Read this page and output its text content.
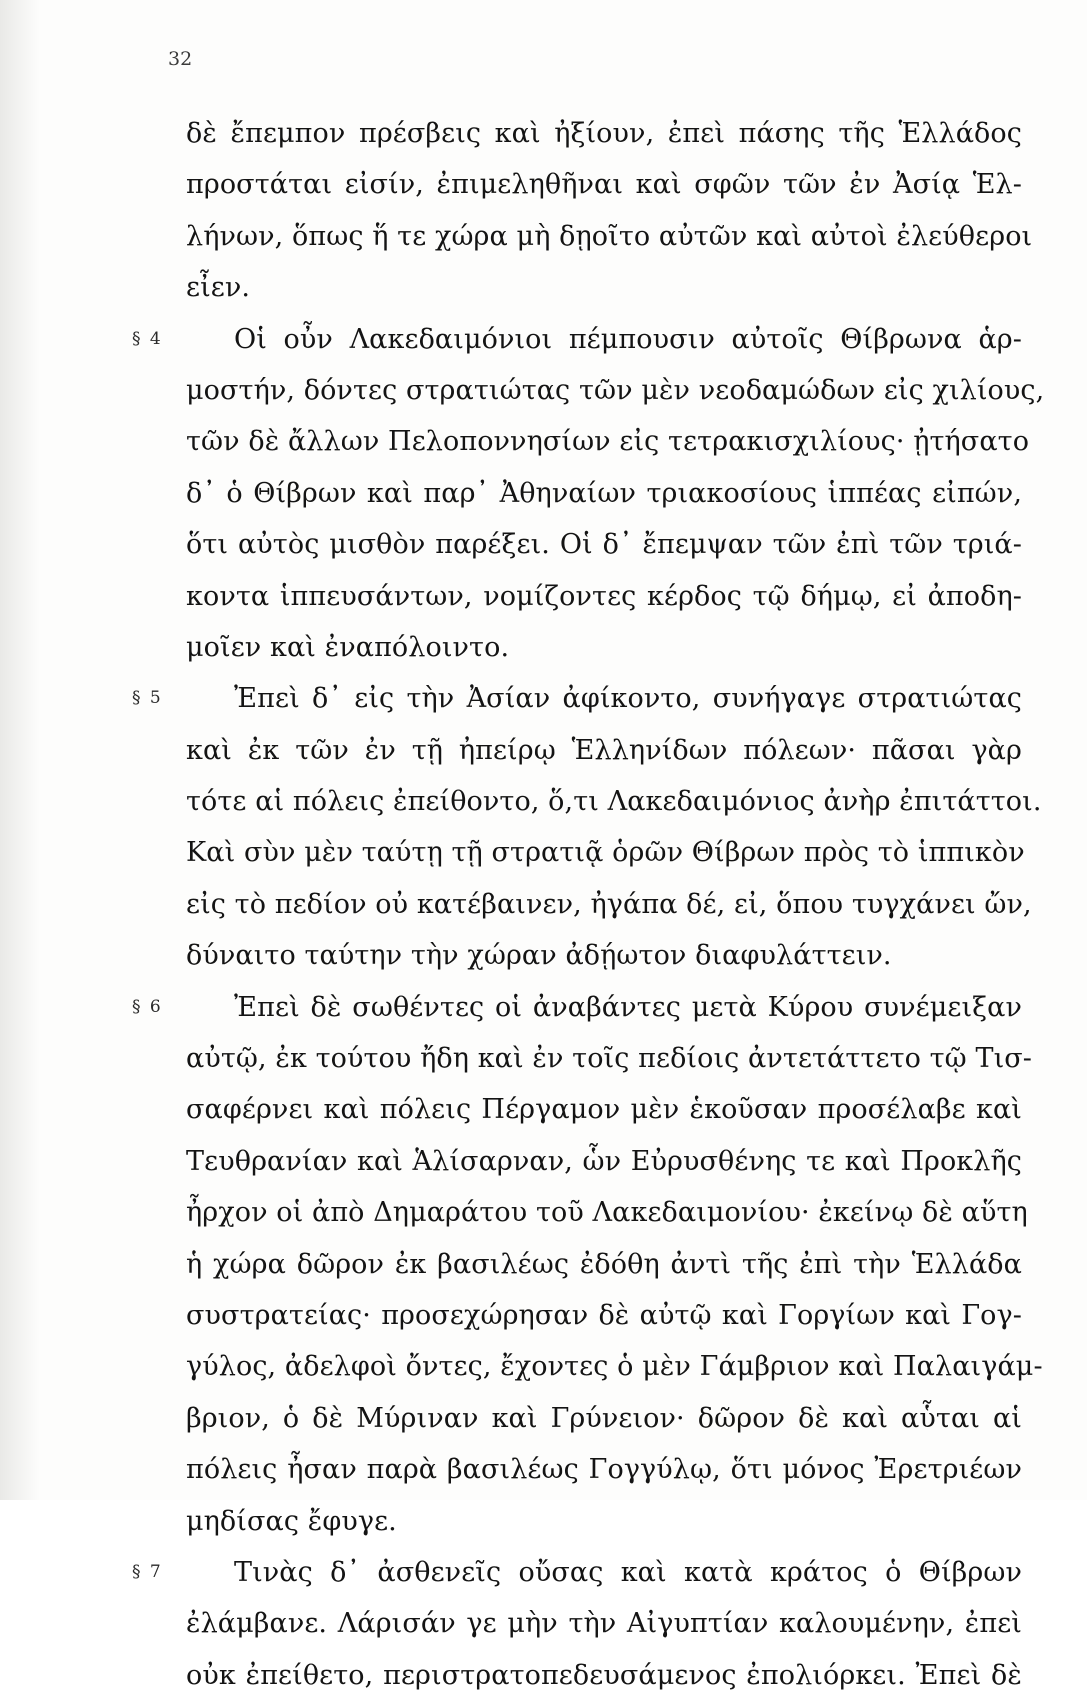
32
δὲ ἔπεμπον πρέσβεις καὶ ἠξίουν, ἐπεὶ πάσης τῆς Ἑλλάδος
προστάται εἰσίν, ἐπιμεληθῆναι καὶ σφῶν τῶν ἐν Ἀσίᾳ Ἑλ-
λήνων, ὅπως ἥ τε χώρα μὴ δῃοῖτο αὐτῶν καὶ αὐτοὶ ἐλεύθεροι
εἶεν.
§ 4	Οἱ οὖν Λακεδαιμόνιοι πέμπουσιν αὐτοῖς Θίβρωνα ἁρ-
μοστήν, δόντες στρατιώτας τῶν μὲν νεοδαμώδων εἰς χιλίους,
τῶν δὲ ἄλλων Πελοποννησίων εἰς τετρακισχιλίους· ᾐτήσατο
δ᾽ ὁ Θίβρων καὶ παρ᾽ Ἀθηναίων τριακοσίους ἱππέας εἰπών,
ὅτι αὐτὸς μισθὸν παρέξει. Οἱ δ᾽ ἔπεμψαν τῶν ἐπὶ τῶν τριά-
κοντα ἱππευσάντων, νομίζοντες κέρδος τῷ δήμῳ, εἰ ἀποδη-
μοῖεν καὶ ἐναπόλοιντο.
§ 5	Ἐπεὶ δ᾽ εἰς τὴν Ἀσίαν ἀφίκοντο, συνήγαγε στρατιώτας
καὶ ἐκ τῶν ἐν τῇ ἠπείρῳ Ἑλληνίδων πόλεων· πᾶσαι γὰρ
τότε αἱ πόλεις ἐπείθοντο, ὅ,τι Λακεδαιμόνιος ἀνὴρ ἐπιτάττοι.
Καὶ σὺν μὲν ταύτῃ τῇ στρατιᾷ ὁρῶν Θίβρων πρὸς τὸ ἱππικὸν
εἰς τὸ πεδίον οὐ κατέβαινεν, ἠγάπα δέ, εἰ, ὅπου τυγχάνει ὤν,
δύναιτο ταύτην τὴν χώραν ἀδῄωτον διαφυλάττειν.
§ 6	Ἐπεὶ δὲ σωθέντες οἱ ἀναβάντες μετὰ Κύρου συνέμειξαν
αὐτῷ, ἐκ τούτου ἤδη καὶ ἐν τοῖς πεδίοις ἀντετάττετο τῷ Τισ-
σαφέρνει καὶ πόλεις Πέργαμον μὲν ἑκοῦσαν προσέλαβε καὶ
Τευθρανίαν καὶ Ἁλίσαρναν, ὧν Εὐρυσθένης τε καὶ Προκλῆς
ἦρχον οἱ ἀπὸ Δημαράτου τοῦ Λακεδαιμονίου· ἐκείνῳ δὲ αὕτη
ἡ χώρα δῶρον ἐκ βασιλέως ἐδόθη ἀντὶ τῆς ἐπὶ τὴν Ἑλλάδα
συστρατείας· προσεχώρησαν δὲ αὐτῷ καὶ Γοργίων καὶ Γογ-
γύλος, ἀδελφοὶ ὄντες, ἔχοντες ὁ μὲν Γάμβριον καὶ Παλαιγάμ-
βριον, ὁ δὲ Μύριναν καὶ Γρύνειον· δῶρον δὲ καὶ αὗται αἱ
πόλεις ἦσαν παρὰ βασιλέως Γογγύλῳ, ὅτι μόνος Ἐρετριέων
μηδίσας ἔφυγε.
§ 7	Τινὰς δ᾽ ἀσθενεῖς οὔσας καὶ κατὰ κράτος ὁ Θίβρων
ἐλάμβανε. Λάρισάν γε μὴν τὴν Αἰγυπτίαν καλουμένην, ἐπεὶ
οὐκ ἐπείθετο, περιστρατοπεδευσάμενος ἐπολιόρκει. Ἐπεὶ δὲ
